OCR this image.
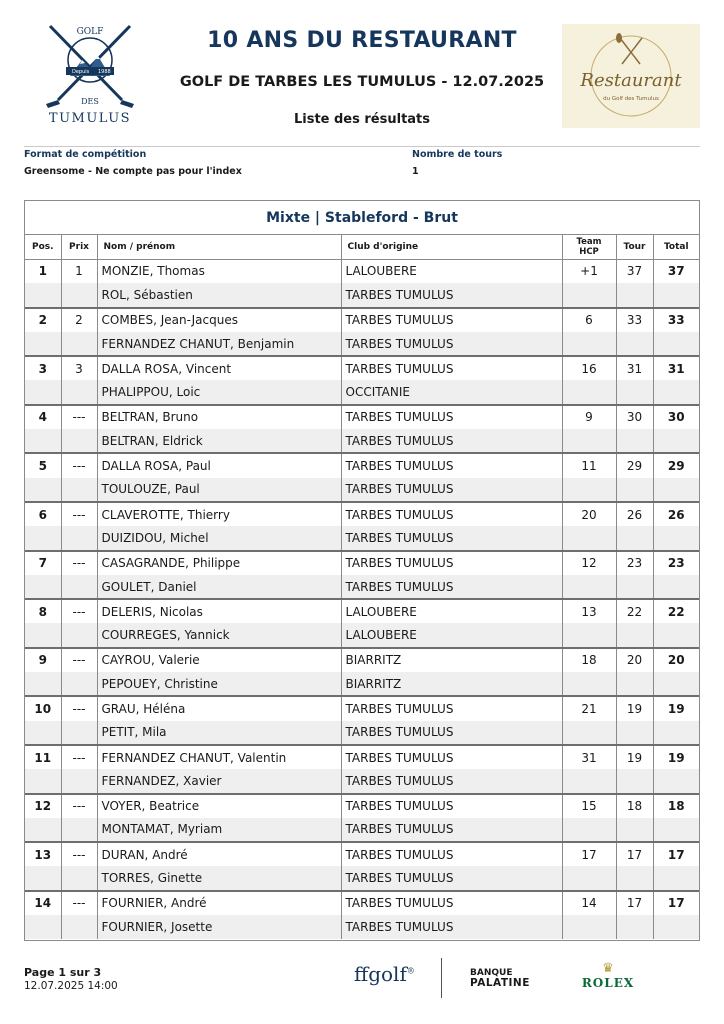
Depuis 1988
GOLF
DES
TUMULUS
10 ANS DU RESTAURANT
GOLF DE TARBES LES TUMULUS - 12.07.2025
Liste des résultats
Restaurant
du Golf des Tumulus
Format de compétition
Greensome - Ne compte pas pour l'index
Nombre de tours
1
Mixte | Stableford - Brut
Pos.	Prix	Nom / prénom	Club d'origine	Team
HCP	Tour	Total
1	1	MONZIE, Thomas	LALOUBERE	+1	37	37
		ROL, Sébastien	TARBES TUMULUS			
2	2	COMBES, Jean-Jacques	TARBES TUMULUS	6	33	33
		FERNANDEZ CHANUT, Benjamin	TARBES TUMULUS			
3	3	DALLA ROSA, Vincent	TARBES TUMULUS	16	31	31
		PHALIPPOU, Loic	OCCITANIE			
4	---	BELTRAN, Bruno	TARBES TUMULUS	9	30	30
		BELTRAN, Eldrick	TARBES TUMULUS			
5	---	DALLA ROSA, Paul	TARBES TUMULUS	11	29	29
		TOULOUZE, Paul	TARBES TUMULUS			
6	---	CLAVEROTTE, Thierry	TARBES TUMULUS	20	26	26
		DUIZIDOU, Michel	TARBES TUMULUS			
7	---	CASAGRANDE, Philippe	TARBES TUMULUS	12	23	23
		GOULET, Daniel	TARBES TUMULUS			
8	---	DELERIS, Nicolas	LALOUBERE	13	22	22
		COURREGES, Yannick	LALOUBERE			
9	---	CAYROU, Valerie	BIARRITZ	18	20	20
		PEPOUEY, Christine	BIARRITZ			
10	---	GRAU, Héléna	TARBES TUMULUS	21	19	19
		PETIT, Mila	TARBES TUMULUS			
11	---	FERNANDEZ CHANUT, Valentin	TARBES TUMULUS	31	19	19
		FERNANDEZ, Xavier	TARBES TUMULUS			
12	---	VOYER, Beatrice	TARBES TUMULUS	15	18	18
		MONTAMAT, Myriam	TARBES TUMULUS			
13	---	DURAN, André	TARBES TUMULUS	17	17	17
		TORRES, Ginette	TARBES TUMULUS			
14	---	FOURNIER, André	TARBES TUMULUS	14	17	17
		FOURNIER, Josette	TARBES TUMULUS			
Page 1 sur 3
12.07.2025 14:00	ffgolf®	BANQUE
PALATINE
♛
ROLEX
